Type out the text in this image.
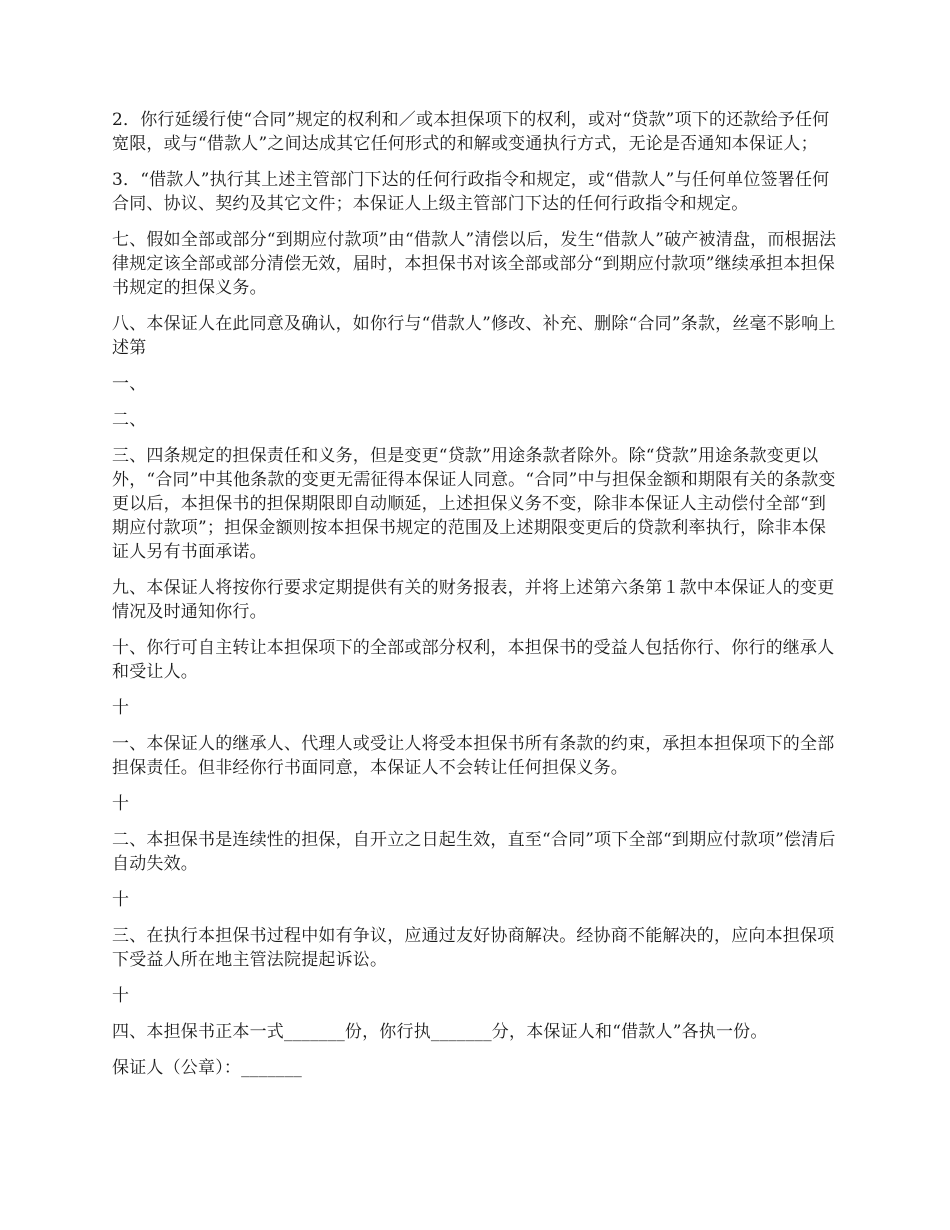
2．你行延缓行使“合同”规定的权利和／或本担保项下的权利，或对“贷款”项下的还款给予任何宽限，或与“借款人”之间达成其它任何形式的和解或变通执行方式，无论是否通知本保证人；

3．“借款人”执行其上述主管部门下达的任何行政指令和规定，或“借款人”与任何单位签署任何合同、协议、契约及其它文件；本保证人上级主管部门下达的任何行政指令和规定。

七、假如全部或部分“到期应付款项”由“借款人”清偿以后，发生“借款人”破产被清盘，而根据法律规定该全部或部分清偿无效，届时，本担保书对该全部或部分“到期应付款项”继续承担本担保书规定的担保义务。

八、本保证人在此同意及确认，如你行与“借款人”修改、补充、删除“合同”条款，丝毫不影响上述第

一、

二、

三、四条规定的担保责任和义务，但是变更“贷款”用途条款者除外。除“贷款”用途条款变更以外，“合同”中其他条款的变更无需征得本保证人同意。“合同”中与担保金额和期限有关的条款变更以后，本担保书的担保期限即自动顺延，上述担保义务不变，除非本保证人主动偿付全部“到期应付款项”；担保金额则按本担保书规定的范围及上述期限变更后的贷款利率执行，除非本保证人另有书面承诺。

九、本保证人将按你行要求定期提供有关的财务报表，并将上述第六条第１款中本保证人的变更情况及时通知你行。

十、你行可自主转让本担保项下的全部或部分权利，本担保书的受益人包括你行、你行的继承人和受让人。

十

一、本保证人的继承人、代理人或受让人将受本担保书所有条款的约束，承担本担保项下的全部担保责任。但非经你行书面同意，本保证人不会转让任何担保义务。

十

二、本担保书是连续性的担保，自开立之日起生效，直至“合同”项下全部“到期应付款项”偿清后自动失效。

十

三、在执行本担保书过程中如有争议，应通过友好协商解决。经协商不能解决的，应向本担保项下受益人所在地主管法院提起诉讼。

十

四、本担保书正本一式_______份，你行执_______分，本保证人和“借款人”各执一份。

保证人（公章）：_______
